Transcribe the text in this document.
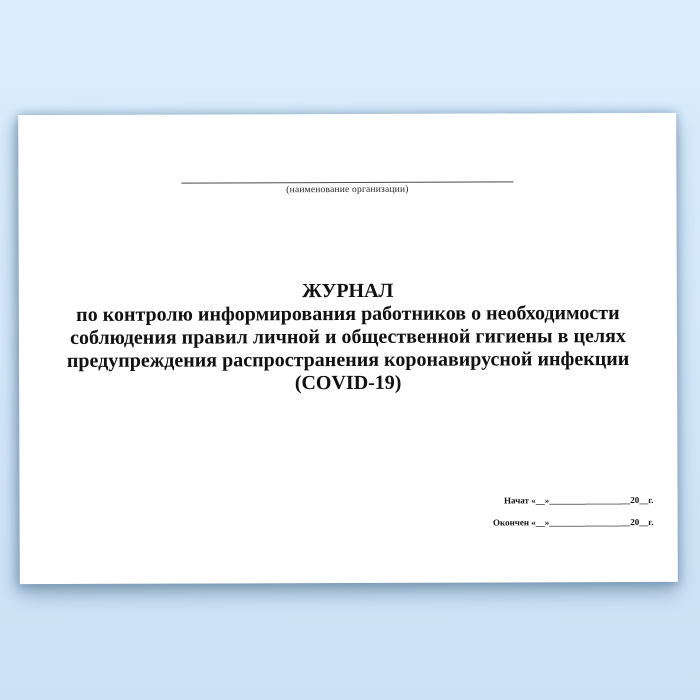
(наименование организации)
ЖУРНАЛ
по контролю информирования работников о необходимости
соблюдения правил личной и общественной гигиены в целях
предупреждения распространения коронавирусной инфекции
(COVID-19)
Начат «__»__________________20__г.
Окончен «__»__________________20__г.
